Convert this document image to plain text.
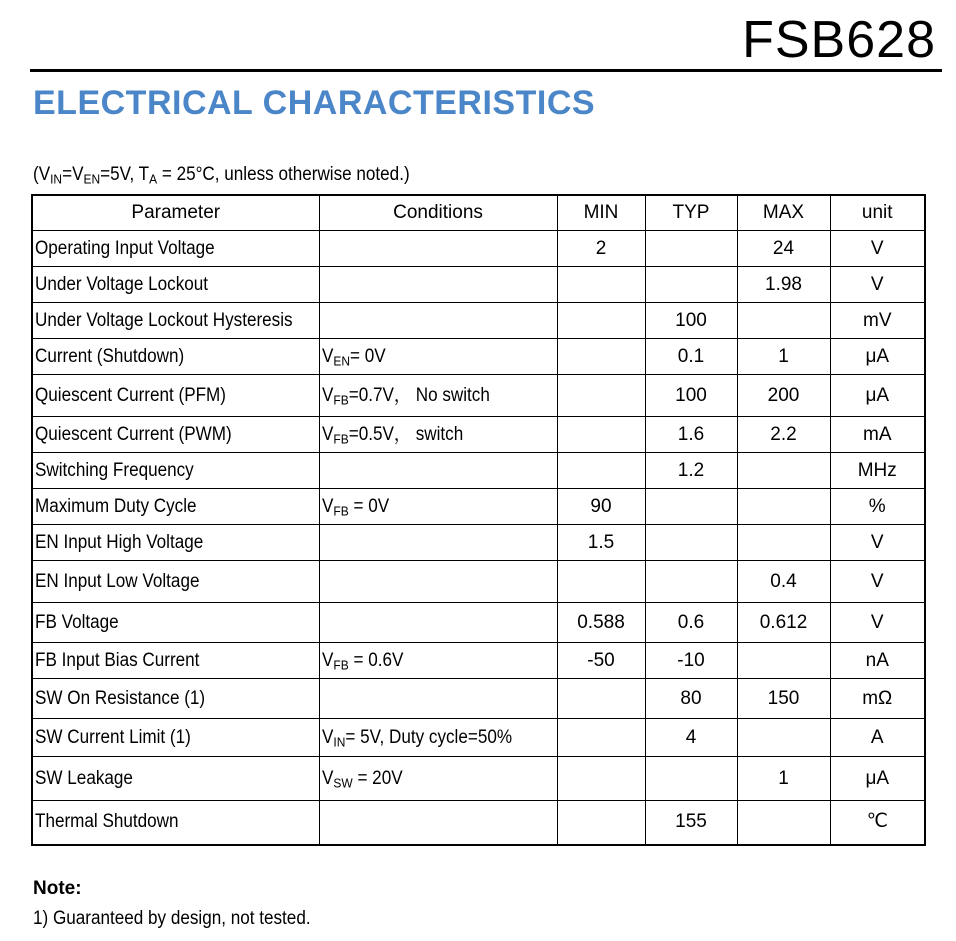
FSB628
ELECTRICAL CHARACTERISTICS
($V_{IN}=V_{EN}=5V$, $T_A = 25^\circ C$, unless otherwise noted.)
Parameter	Conditions	MIN	TYP	MAX	unit
Operating Input Voltage		2		24	V
Under Voltage Lockout				1.98	V
Under Voltage Lockout Hysteresis			100		mV
Current (Shutdown)	$V_{EN}= 0V$		0.1	1	μA
Quiescent Current (PFM)	$V_{FB}=0.7V$， No switch		100	200	μA
Quiescent Current (PWM)	$V_{FB}=0.5V$， switch		1.6	2.2	mA
Switching Frequency			1.2		MHz
Maximum Duty Cycle	$V_{FB} = 0V$	90			%
EN Input High Voltage		1.5			V
EN Input Low Voltage				0.4	V
FB Voltage		0.588	0.6	0.612	V
FB Input Bias Current	$V_{FB} = 0.6V$	-50	-10		nA
SW On Resistance (1)			80	150	mΩ
SW Current Limit (1)	$V_{IN}= 5V$, Duty cycle=50%		4		A
SW Leakage	$V_{SW} = 20V$			1	μA
Thermal Shutdown			155		℃
Note:
1) Guaranteed by design, not tested.
